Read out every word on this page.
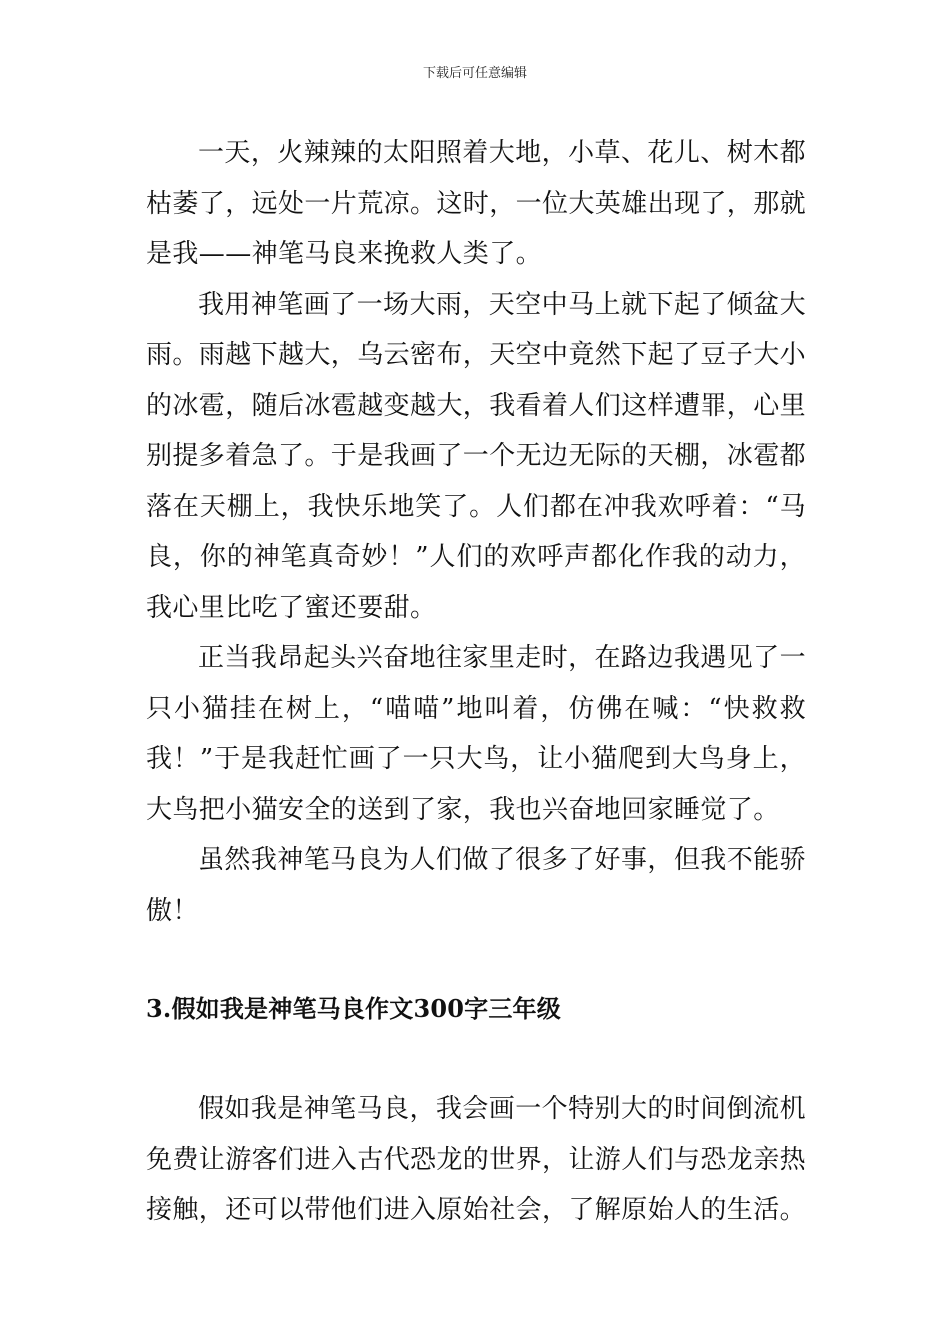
下载后可任意编辑

一天，火辣辣的太阳照着大地，小草、花儿、树木都枯萎了，远处一片荒凉。这时，一位大英雄出现了，那就是我——神笔马良来挽救人类了。

我用神笔画了一场大雨，天空中马上就下起了倾盆大雨。雨越下越大，乌云密布，天空中竟然下起了豆子大小的冰雹，随后冰雹越变越大，我看着人们这样遭罪，心里别提多着急了。于是我画了一个无边无际的天棚，冰雹都落在天棚上，我快乐地笑了。人们都在冲我欢呼着：“马良，你的神笔真奇妙！”人们的欢呼声都化作我的动力，我心里比吃了蜜还要甜。

正当我昂起头兴奋地往家里走时，在路边我遇见了一只小猫挂在树上，“喵喵”地叫着，仿佛在喊：“快救救我！”于是我赶忙画了一只大鸟，让小猫爬到大鸟身上，大鸟把小猫安全的送到了家，我也兴奋地回家睡觉了。

虽然我神笔马良为人们做了很多了好事，但我不能骄傲！

3.假如我是神笔马良作文300字三年级

假如我是神笔马良，我会画一个特别大的时间倒流机免费让游客们进入古代恐龙的世界，让游人们与恐龙亲热接触，还可以带他们进入原始社会，了解原始人的生活。
